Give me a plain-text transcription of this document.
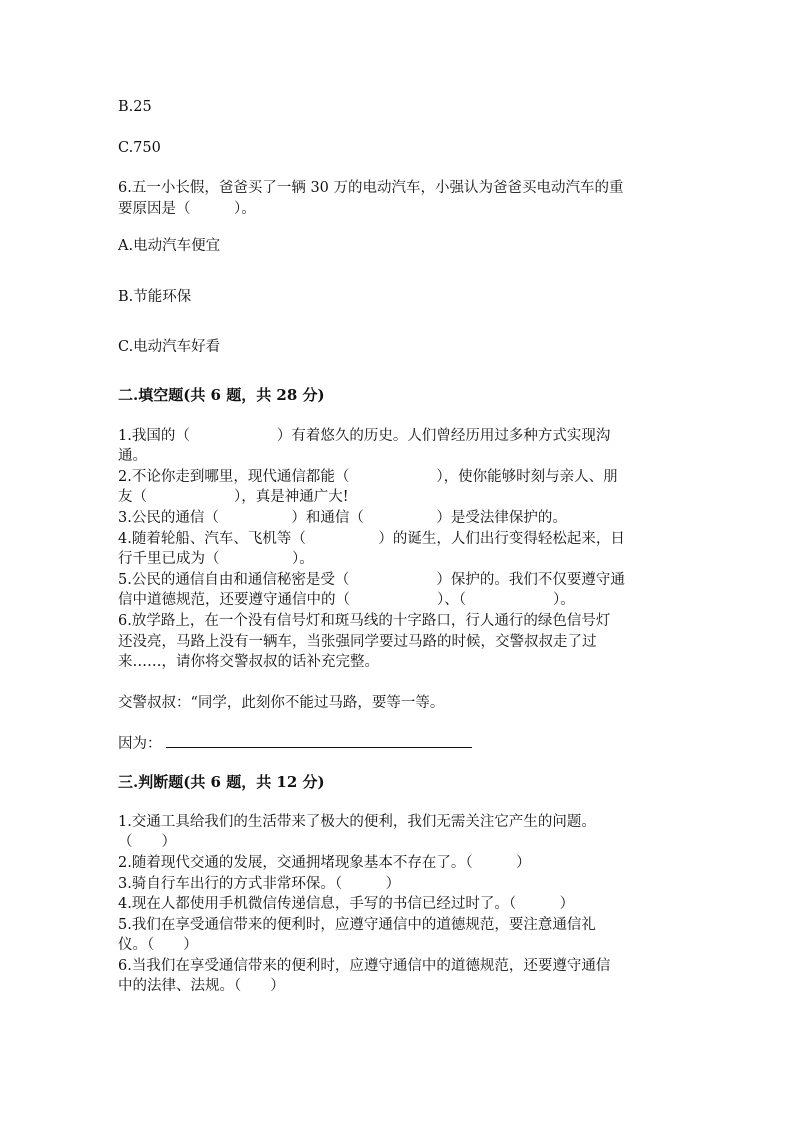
B.25
C.750
6.五一小长假，爸爸买了一辆 30 万的电动汽车，小强认为爸爸买电动汽车的重
要原因是（　　　）。
A.电动汽车便宜
B.节能环保
C.电动汽车好看
二.填空题(共 6 题，共 28 分)
1.我国的（　　　　　　）有着悠久的历史。人们曾经历用过多种方式实现沟
通。
2.不论你走到哪里，现代通信都能（　　　　　　），使你能够时刻与亲人、朋
友（　　　　　　），真是神通广大!
3.公民的通信（　　　　　）和通信（　　　　　）是受法律保护的。
4.随着轮船、汽车、飞机等（　　　　　）的诞生，人们出行变得轻松起来，日
行千里已成为（　　　　　）。
5.公民的通信自由和通信秘密是受（　　　　　　）保护的。我们不仅要遵守通
信中道德规范，还要遵守通信中的（　　　　　　）、（　　　　　　）。
6.放学路上，在一个没有信号灯和斑马线的十字路口，行人通行的绿色信号灯
还没亮，马路上没有一辆车，当张强同学要过马路的时候，交警叔叔走了过
来……，请你将交警叔叔的话补充完整。
交警叔叔：“同学，此刻你不能过马路，要等一等。
因为：
三.判断题(共 6 题，共 12 分)
1.交通工具给我们的生活带来了极大的便利，我们无需关注它产生的问题。
（　　）
2.随着现代交通的发展，交通拥堵现象基本不存在了。（　　　）
3.骑自行车出行的方式非常环保。（　　　）
4.现在人都使用手机微信传递信息，手写的书信已经过时了。（　　　）
5.我们在享受通信带来的便利时，应遵守通信中的道德规范，要注意通信礼
仪。（　　）
6.当我们在享受通信带来的便利时，应遵守通信中的道德规范，还要遵守通信
中的法律、法规。（　　）
